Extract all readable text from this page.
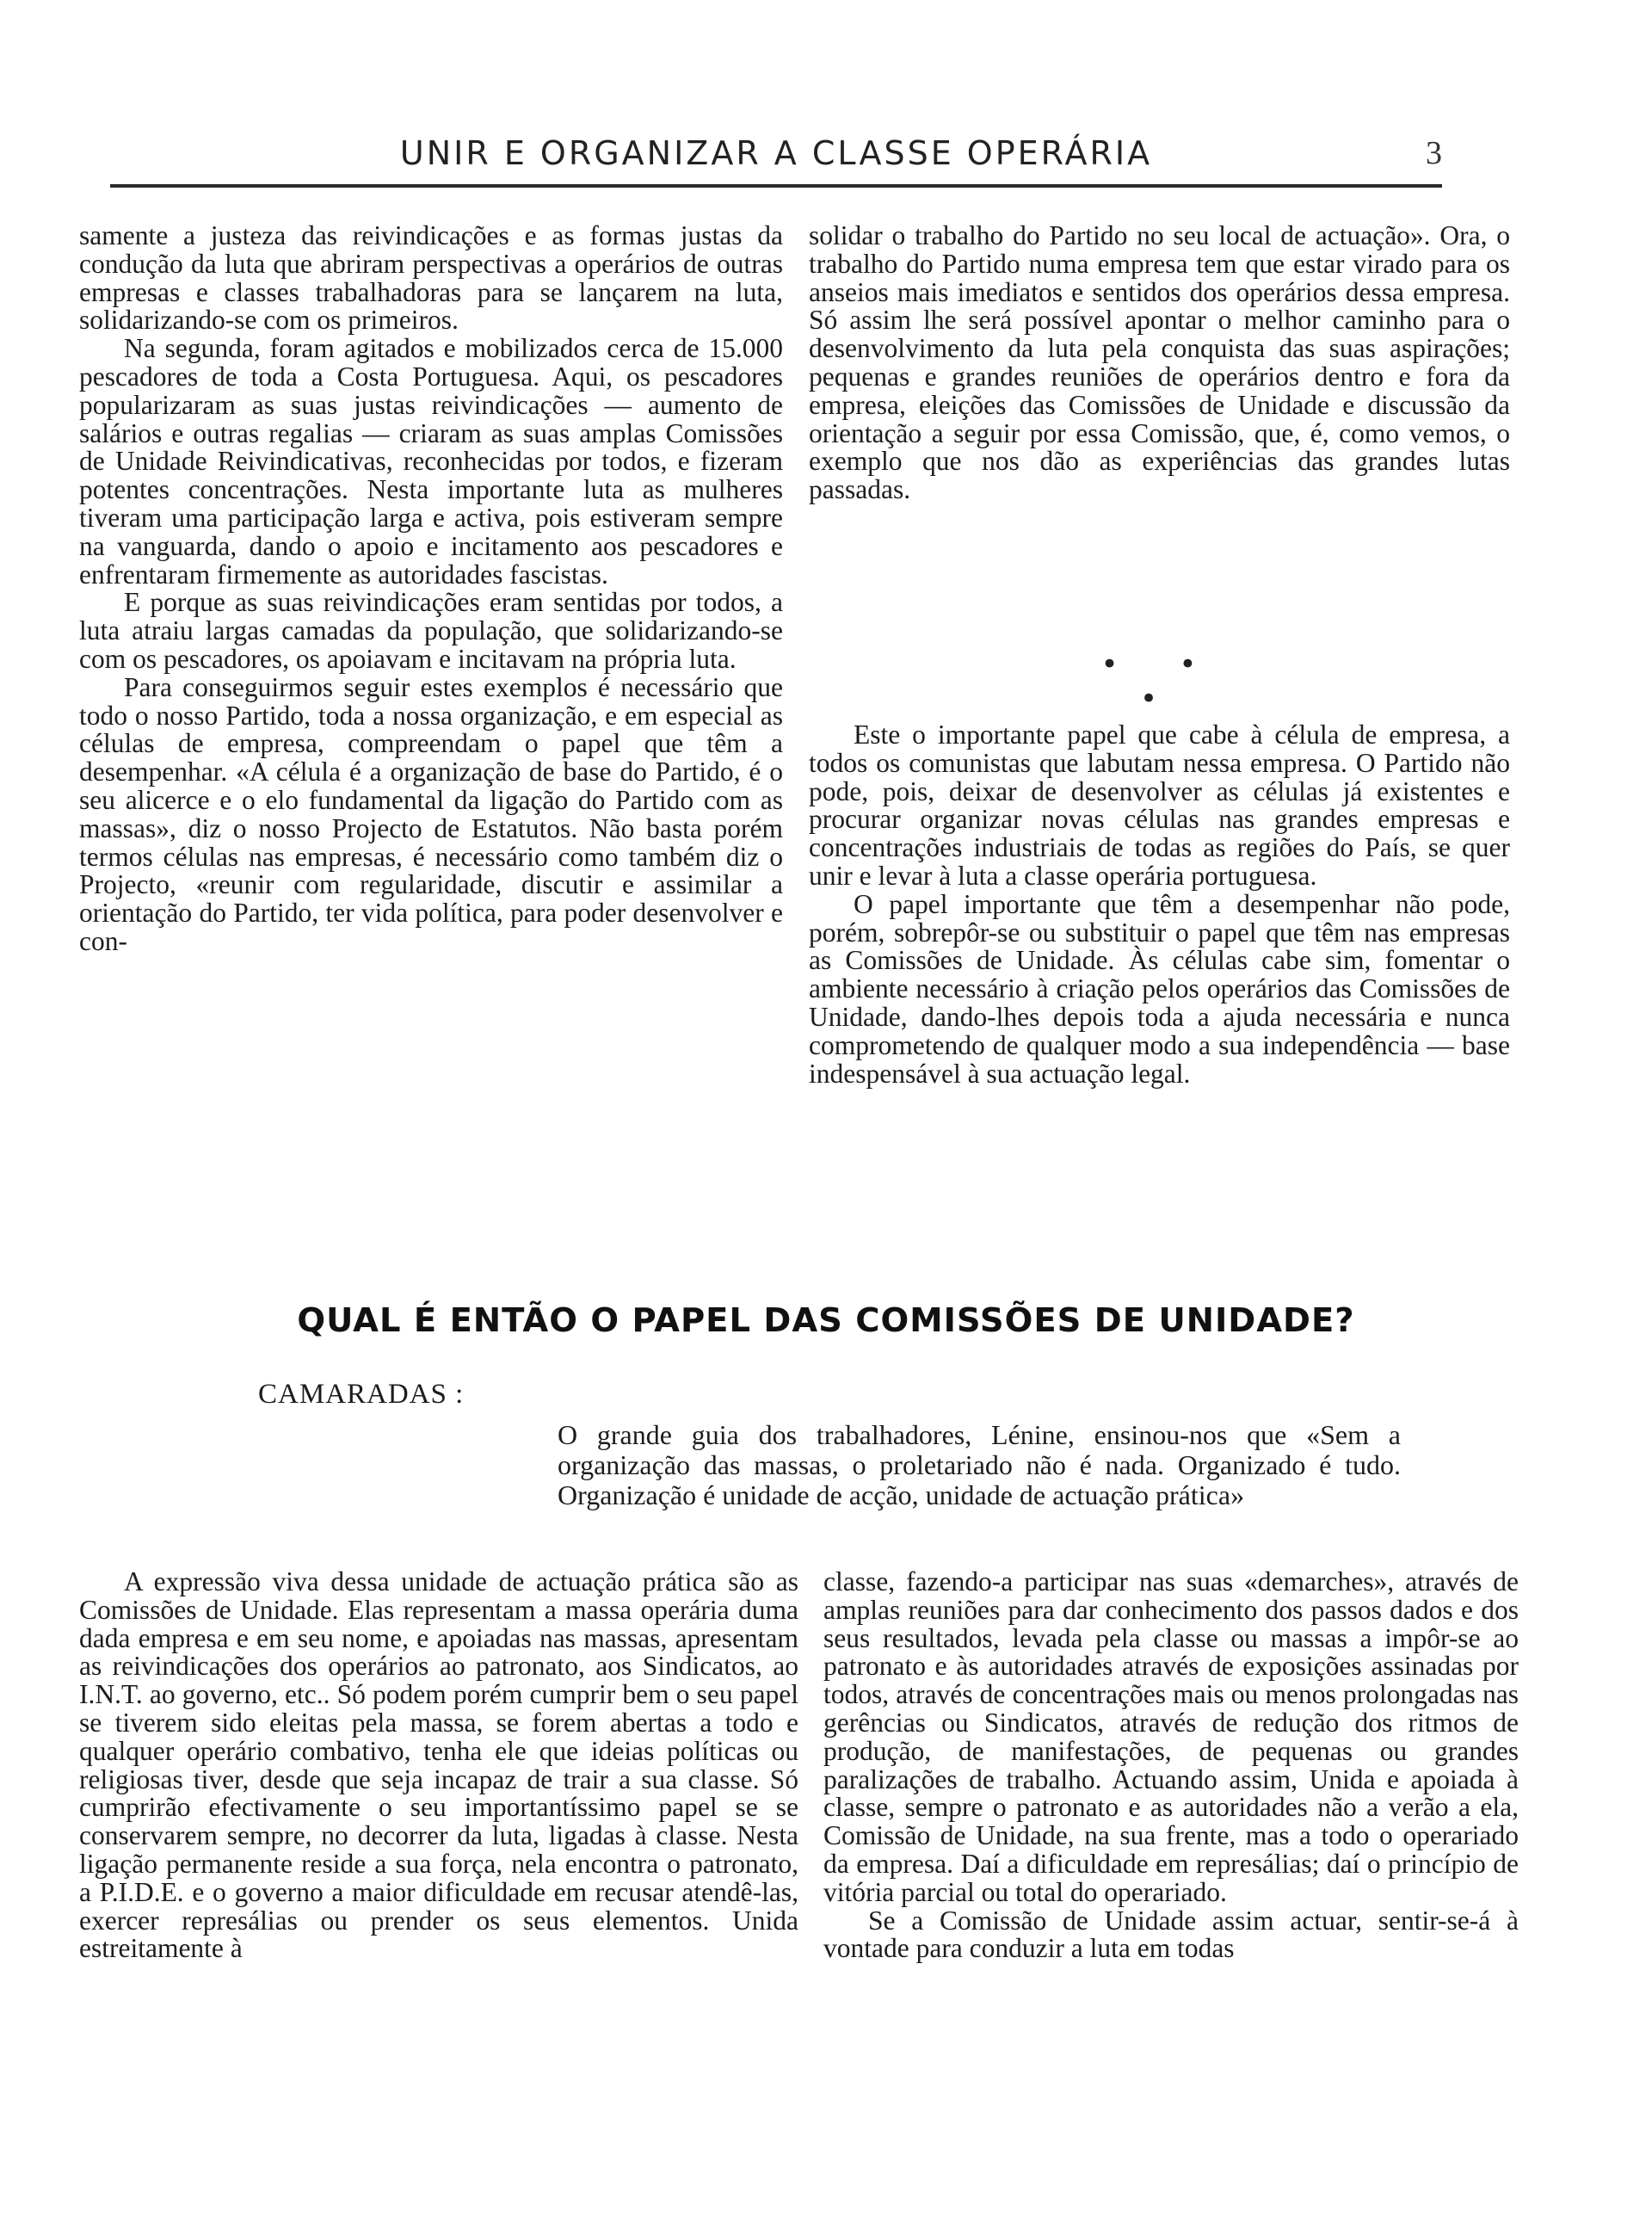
UNIR E ORGANIZAR A CLASSE OPERÁRIA	3

samente a justeza das reivindicações e as formas justas da condução da luta que abriram perspectivas a operários de outras empresas e classes trabalhadoras para se lançarem na luta, solidarizando-se com os primeiros.

Na segunda, foram agitados e mobilizados cerca de 15.000 pescadores de toda a Costa Portuguesa. Aqui, os pescadores popularizaram as suas justas reivindicações — aumento de salários e outras regalias — criaram as suas amplas Comissões de Unidade Reivindicativas, reconhecidas por todos, e fizeram potentes concentrações. Nesta importante luta as mulheres tiveram uma participação larga e activa, pois estiveram sempre na vanguarda, dando o apoio e incitamento aos pescadores e enfrentaram firmemente as autoridades fascistas.

E porque as suas reivindicações eram sentidas por todos, a luta atraiu largas camadas da população, que solidarizando-se com os pescadores, os apoiavam e incitavam na própria luta.

Para conseguirmos seguir estes exemplos é necessário que todo o nosso Partido, toda a nossa organização, e em especial as células de empresa, compreendam o papel que têm a desempenhar. «A célula é a organização de base do Partido, é o seu alicerce e o elo fundamental da ligação do Partido com as massas», diz o nosso Projecto de Estatutos. Não basta porém termos células nas empresas, é necessário como também diz o Projecto, «reunir com regularidade, discutir e assimilar a orientação do Partido, ter vida política, para poder desenvolver e con-

solidar o trabalho do Partido no seu local de actuação». Ora, o trabalho do Partido numa empresa tem que estar virado para os anseios mais imediatos e sentidos dos operários dessa empresa. Só assim lhe será possível apontar o melhor caminho para o desenvolvimento da luta pela conquista das suas aspirações; pequenas e grandes reuniões de operários dentro e fora da empresa, eleições das Comissões de Unidade e discussão da orientação a seguir por essa Comissão, que, é, como vemos, o exemplo que nos dão as experiências das grandes lutas passadas.

• • •

Este o importante papel que cabe à célula de empresa, a todos os comunistas que labutam nessa empresa. O Partido não pode, pois, deixar de desenvolver as células já existentes e procurar organizar novas células nas grandes empresas e concentrações industriais de todas as regiões do País, se quer unir e levar à luta a classe operária portuguesa.

O papel importante que têm a desempenhar não pode, porém, sobrepôr-se ou substituir o papel que têm nas empresas as Comissões de Unidade. Às células cabe sim, fomentar o ambiente necessário à criação pelos operários das Comissões de Unidade, dando-lhes depois toda a ajuda necessária e nunca comprometendo de qualquer modo a sua independência — base indespensável à sua actuação legal.

QUAL É ENTÃO O PAPEL DAS COMISSÕES DE UNIDADE?
CAMARADAS :
O grande guia dos trabalhadores, Lénine, ensinou-nos que «Sem a organização das massas, o proletariado não é nada. Organizado é tudo. Organização é unidade de acção, unidade de actuação prática»

A expressão viva dessa unidade de actuação prática são as Comissões de Unidade. Elas representam a massa operária duma dada empresa e em seu nome, e apoiadas nas massas, apresentam as reivindicações dos operários ao patronato, aos Sindicatos, ao I.N.T. ao governo, etc.. Só podem porém cumprir bem o seu papel se tiverem sido eleitas pela massa, se forem abertas a todo e qualquer operário combativo, tenha ele que ideias políticas ou religiosas tiver, desde que seja incapaz de trair a sua classe. Só cumprirão efectivamente o seu importantíssimo papel se se conservarem sempre, no decorrer da luta, ligadas à classe. Nesta ligação permanente reside a sua força, nela encontra o patronato, a P.I.D.E. e o governo a maior dificuldade em recusar atendê-las, exercer represálias ou prender os seus elementos. Unida estreitamente à

classe, fazendo-a participar nas suas «demarches», através de amplas reuniões para dar conhecimento dos passos dados e dos seus resultados, levada pela classe ou massas a impôr-se ao patronato e às autoridades através de exposições assinadas por todos, através de concentrações mais ou menos prolongadas nas gerências ou Sindicatos, através de redução dos ritmos de produção, de manifestações, de pequenas ou grandes paralizações de trabalho. Actuando assim, Unida e apoiada à classe, sempre o patronato e as autoridades não a verão a ela, Comissão de Unidade, na sua frente, mas a todo o operariado da empresa. Daí a dificuldade em represálias; daí o princípio de vitória parcial ou total do operariado.

Se a Comissão de Unidade assim actuar, sentir-se-á à vontade para conduzir a luta em todas
